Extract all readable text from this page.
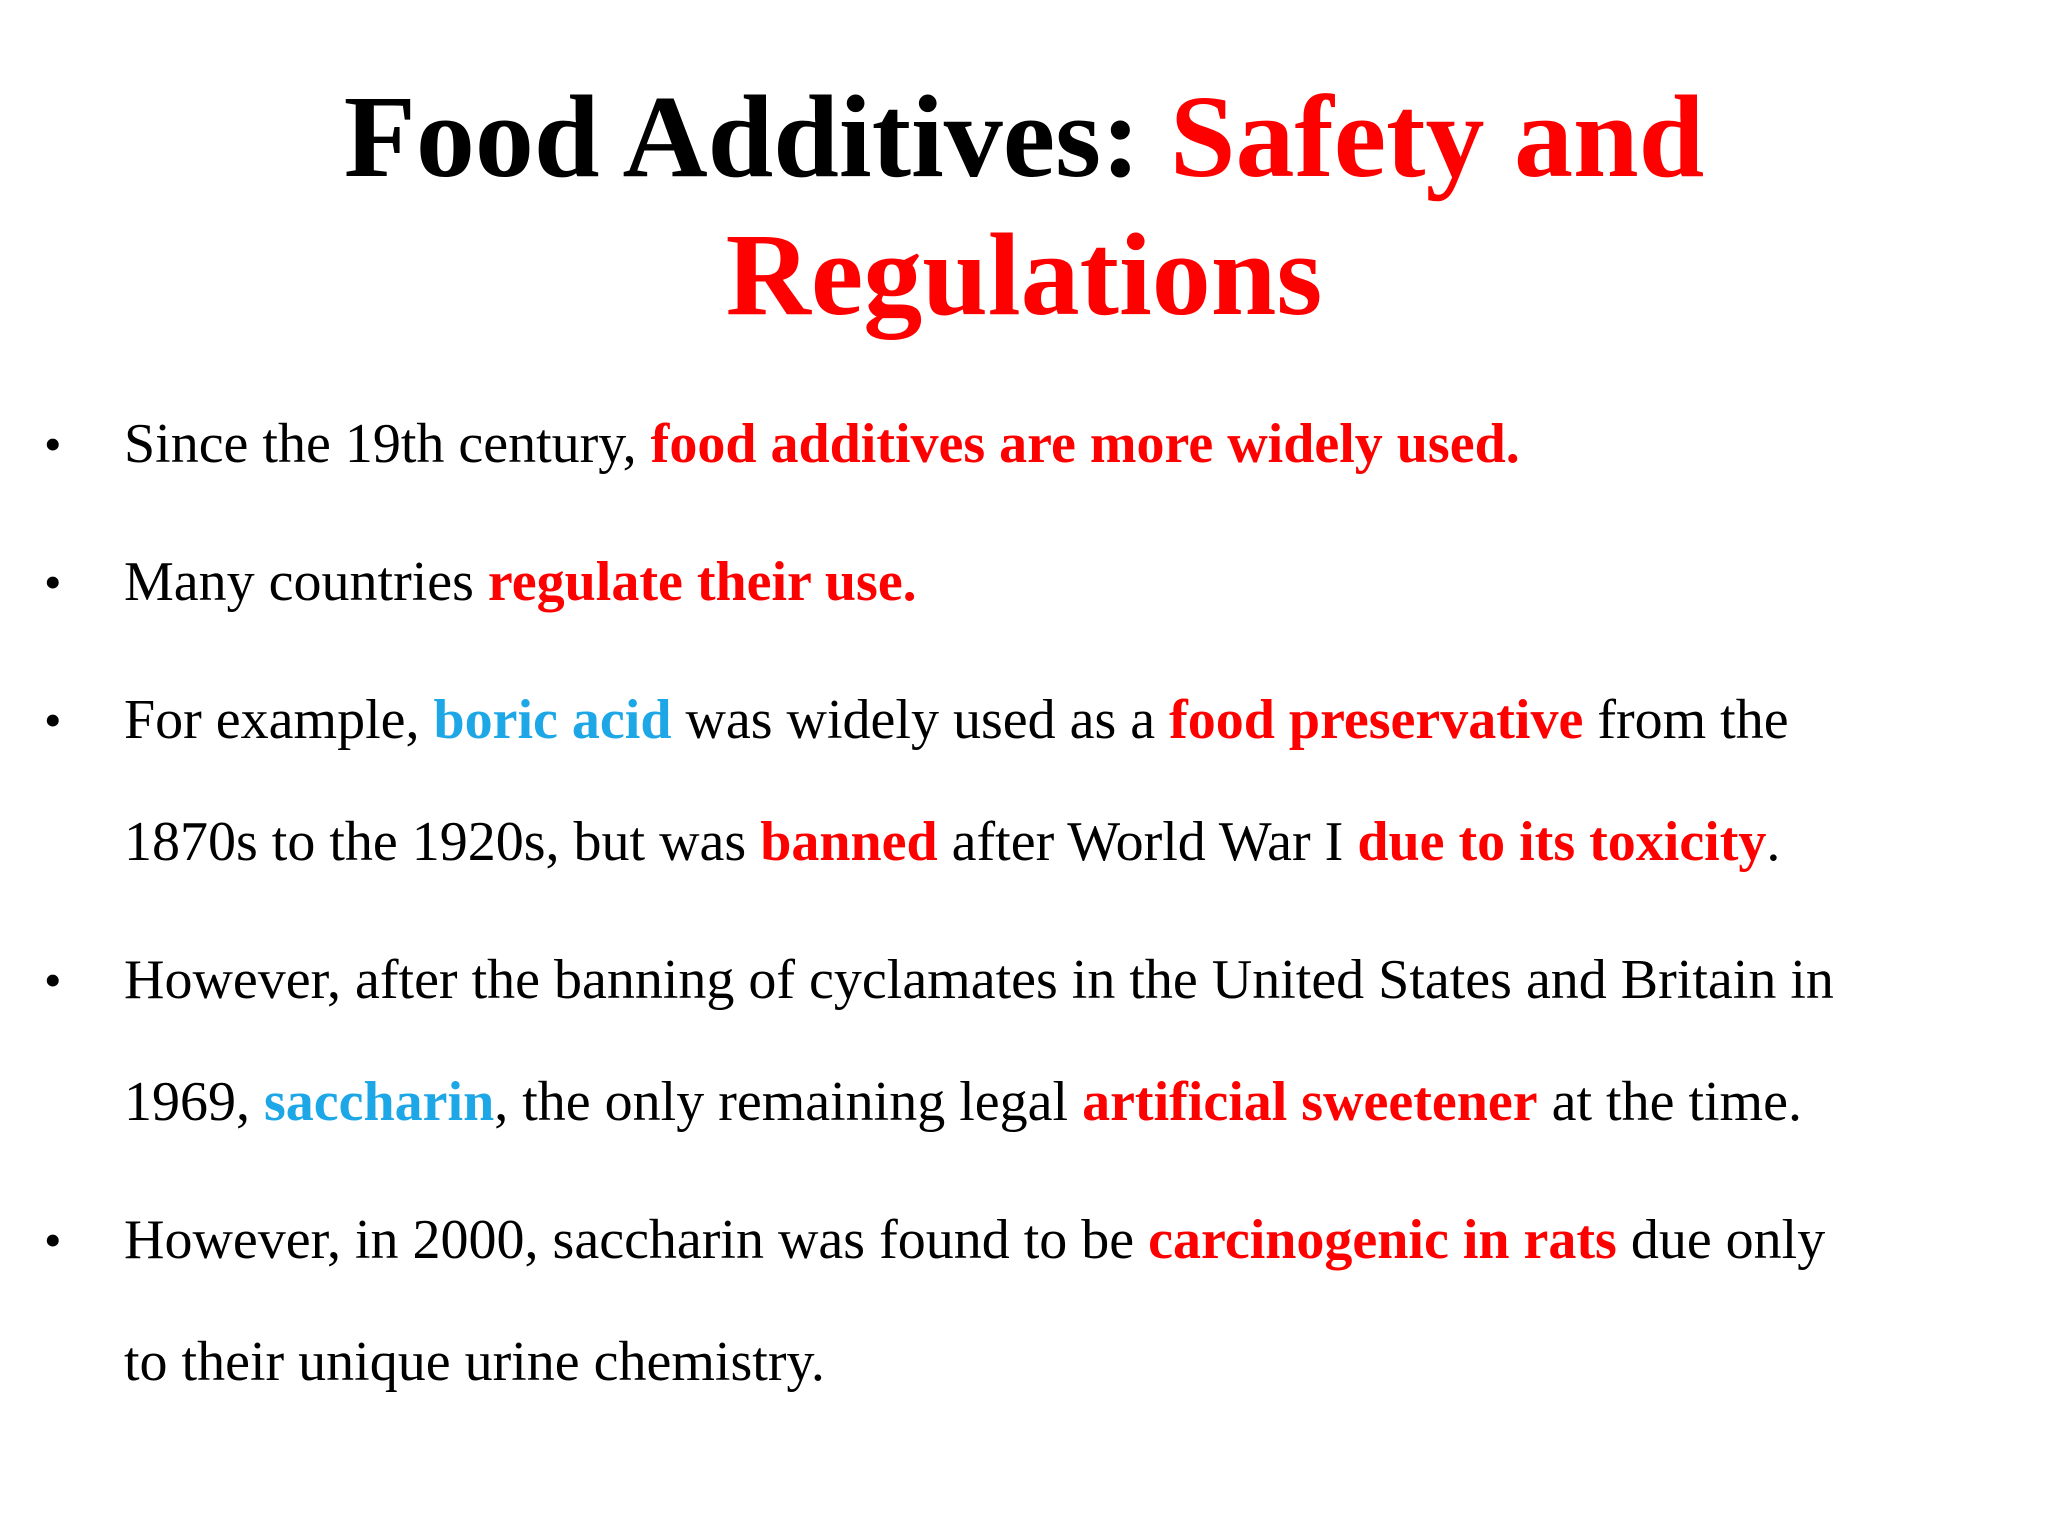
Food Additives: Safety and
Regulations
• Since the 19th century, food additives are more widely used.
• Many countries regulate their use.
• For example, boric acid was widely used as a food preservative from the
1870s to the 1920s, but was banned after World War I due to its toxicity.
• However, after the banning of cyclamates in the United States and Britain in
1969, saccharin, the only remaining legal artificial sweetener at the time.
• However, in 2000, saccharin was found to be carcinogenic in rats due only
to their unique urine chemistry.
